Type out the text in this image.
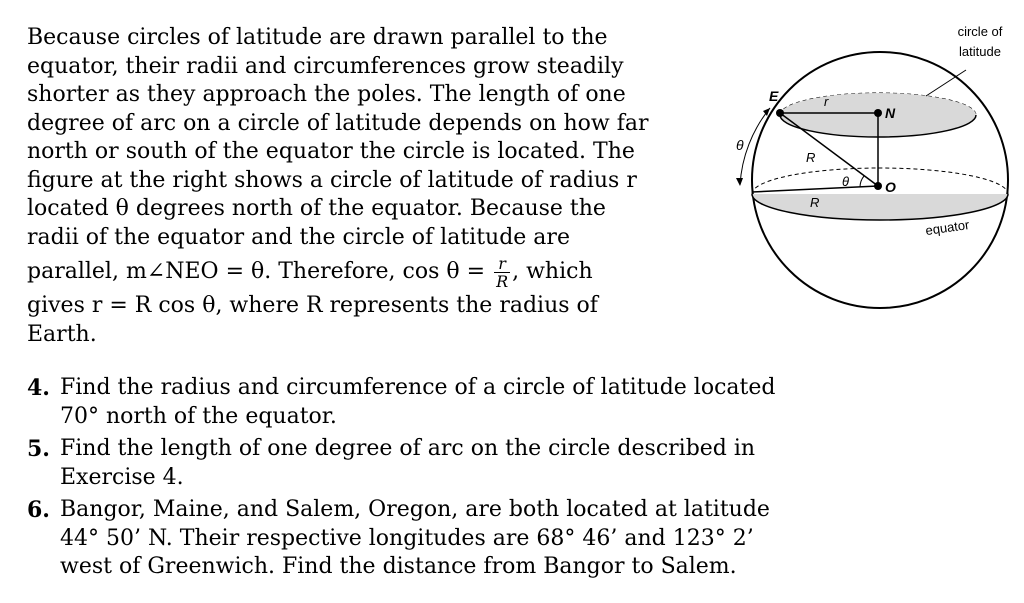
Because circles of latitude are drawn parallel to the
equator, their radii and circumferences grow steadily
shorter as they approach the poles. The length of one
degree of arc on a circle of latitude depends on how far
north or south of the equator the circle is located. The
figure at the right shows a circle of latitude of radius r
located θ degrees north of the equator. Because the
radii of the equator and the circle of latitude are
parallel, m∠NEO = θ. Therefore, $\cos \theta = \frac{r}{R}$ , which
gives r = R cos θ, where R represents the radius of
Earth.
4. Find the radius and circumference of a circle of latitude located
70° north of the equator.
5. Find the length of one degree of arc on the circle described in
Exercise 4.
6. Bangor, Maine, and Salem, Oregon, are both located at latitude
44° 50’ N. Their respective longitudes are 68° 46’ and 123° 2’
west of Greenwich. Find the distance from Bangor to Salem.
circle of
latitude
equator
E
N
O
r
R
R
θ
θ
